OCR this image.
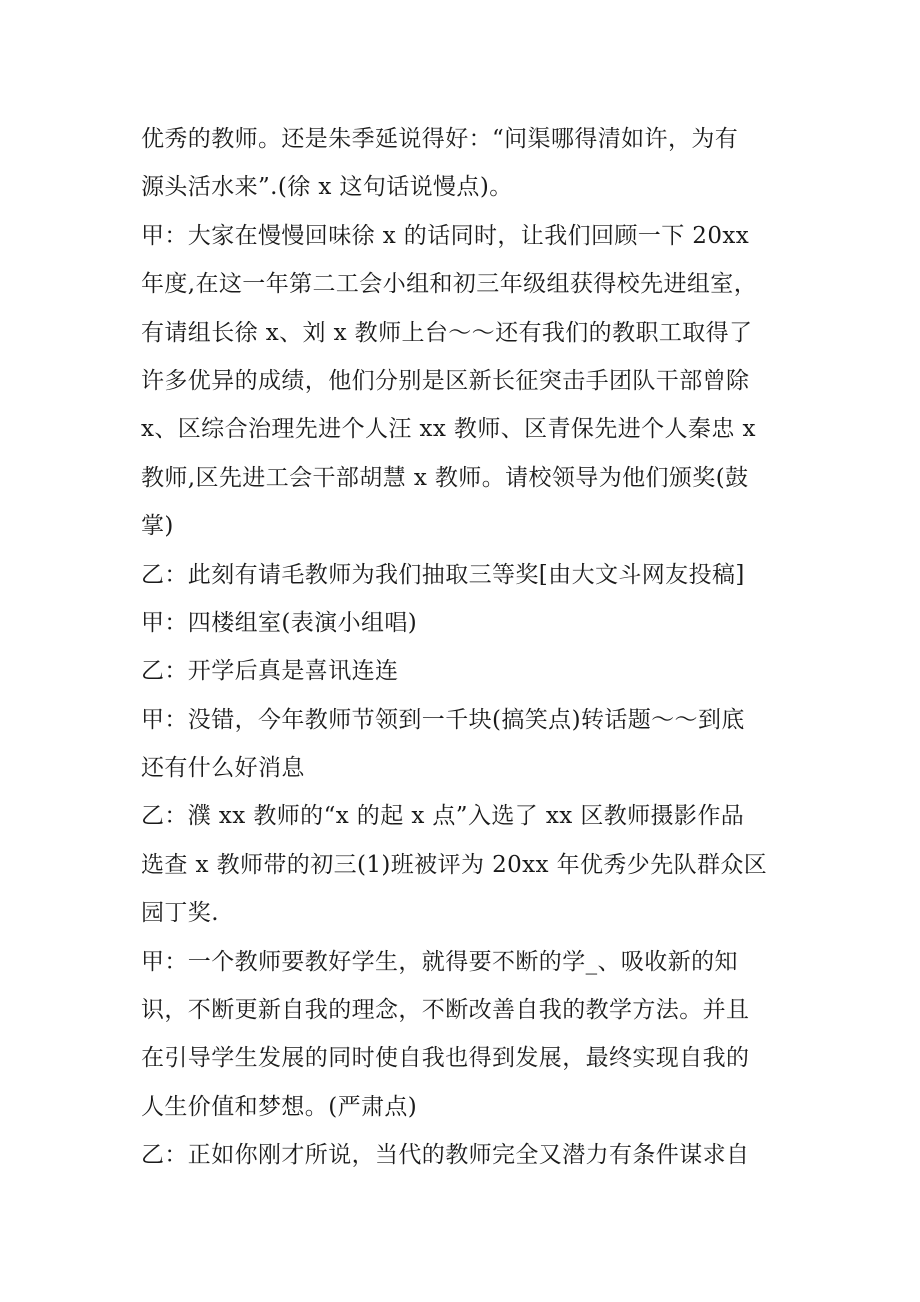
优秀的教师。还是朱季延说得好：“问渠哪得清如许，为有
源头活水来”.(徐 x 这句话说慢点)。
甲：大家在慢慢回味徐 x 的话同时，让我们回顾一下 20xx
年度,在这一年第二工会小组和初三年级组获得校先进组室，
有请组长徐 x、刘 x 教师上台～～还有我们的教职工取得了
许多优异的成绩，他们分别是区新长征突击手团队干部曾除
x、区综合治理先进个人汪 xx 教师、区青保先进个人秦忠 x
教师,区先进工会干部胡慧 x 教师。请校领导为他们颁奖(鼓
掌)
乙：此刻有请毛教师为我们抽取三等奖[由大文斗网友投稿]
甲：四楼组室(表演小组唱)
乙：开学后真是喜讯连连
甲：没错，今年教师节领到一千块(搞笑点)转话题～～到底
还有什么好消息
乙：濮 xx 教师的“x 的起 x 点”入选了 xx 区教师摄影作品
选查 x 教师带的初三(1)班被评为 20xx 年优秀少先队群众区
园丁奖.
甲：一个教师要教好学生，就得要不断的学_、吸收新的知
识，不断更新自我的理念，不断改善自我的教学方法。并且
在引导学生发展的同时使自我也得到发展，最终实现自我的
人生价值和梦想。(严肃点)
乙：正如你刚才所说，当代的教师完全又潜力有条件谋求自
